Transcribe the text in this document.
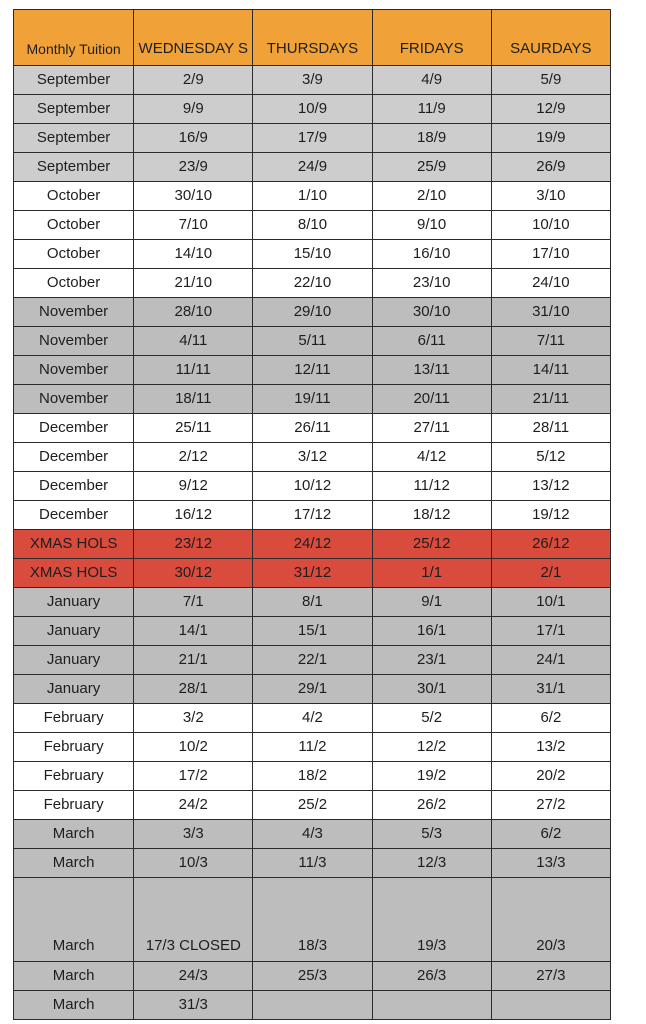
Monthly Tuition	WEDNESDAY S	THURSDAYS	FRIDAYS	SAURDAYS
September	2/9	3/9	4/9	5/9
September	9/9	10/9	11/9	12/9
September	16/9	17/9	18/9	19/9
September	23/9	24/9	25/9	26/9
October	30/10	1/10	2/10	3/10
October	7/10	8/10	9/10	10/10
October	14/10	15/10	16/10	17/10
October	21/10	22/10	23/10	24/10
November	28/10	29/10	30/10	31/10
November	4/11	5/11	6/11	7/11
November	11/11	12/11	13/11	14/11
November	18/11	19/11	20/11	21/11
December	25/11	26/11	27/11	28/11
December	2/12	3/12	4/12	5/12
December	9/12	10/12	11/12	13/12
December	16/12	17/12	18/12	19/12
XMAS HOLS	23/12	24/12	25/12	26/12
XMAS HOLS	30/12	31/12	1/1	2/1
January	7/1	8/1	9/1	10/1
January	14/1	15/1	16/1	17/1
January	21/1	22/1	23/1	24/1
January	28/1	29/1	30/1	31/1
February	3/2	4/2	5/2	6/2
February	10/2	11/2	12/2	13/2
February	17/2	18/2	19/2	20/2
February	24/2	25/2	26/2	27/2
March	3/3	4/3	5/3	6/2
March	10/3	11/3	12/3	13/3
March	17/3 CLOSED	18/3	19/3	20/3
March	24/3	25/3	26/3	27/3
March	31/3			
